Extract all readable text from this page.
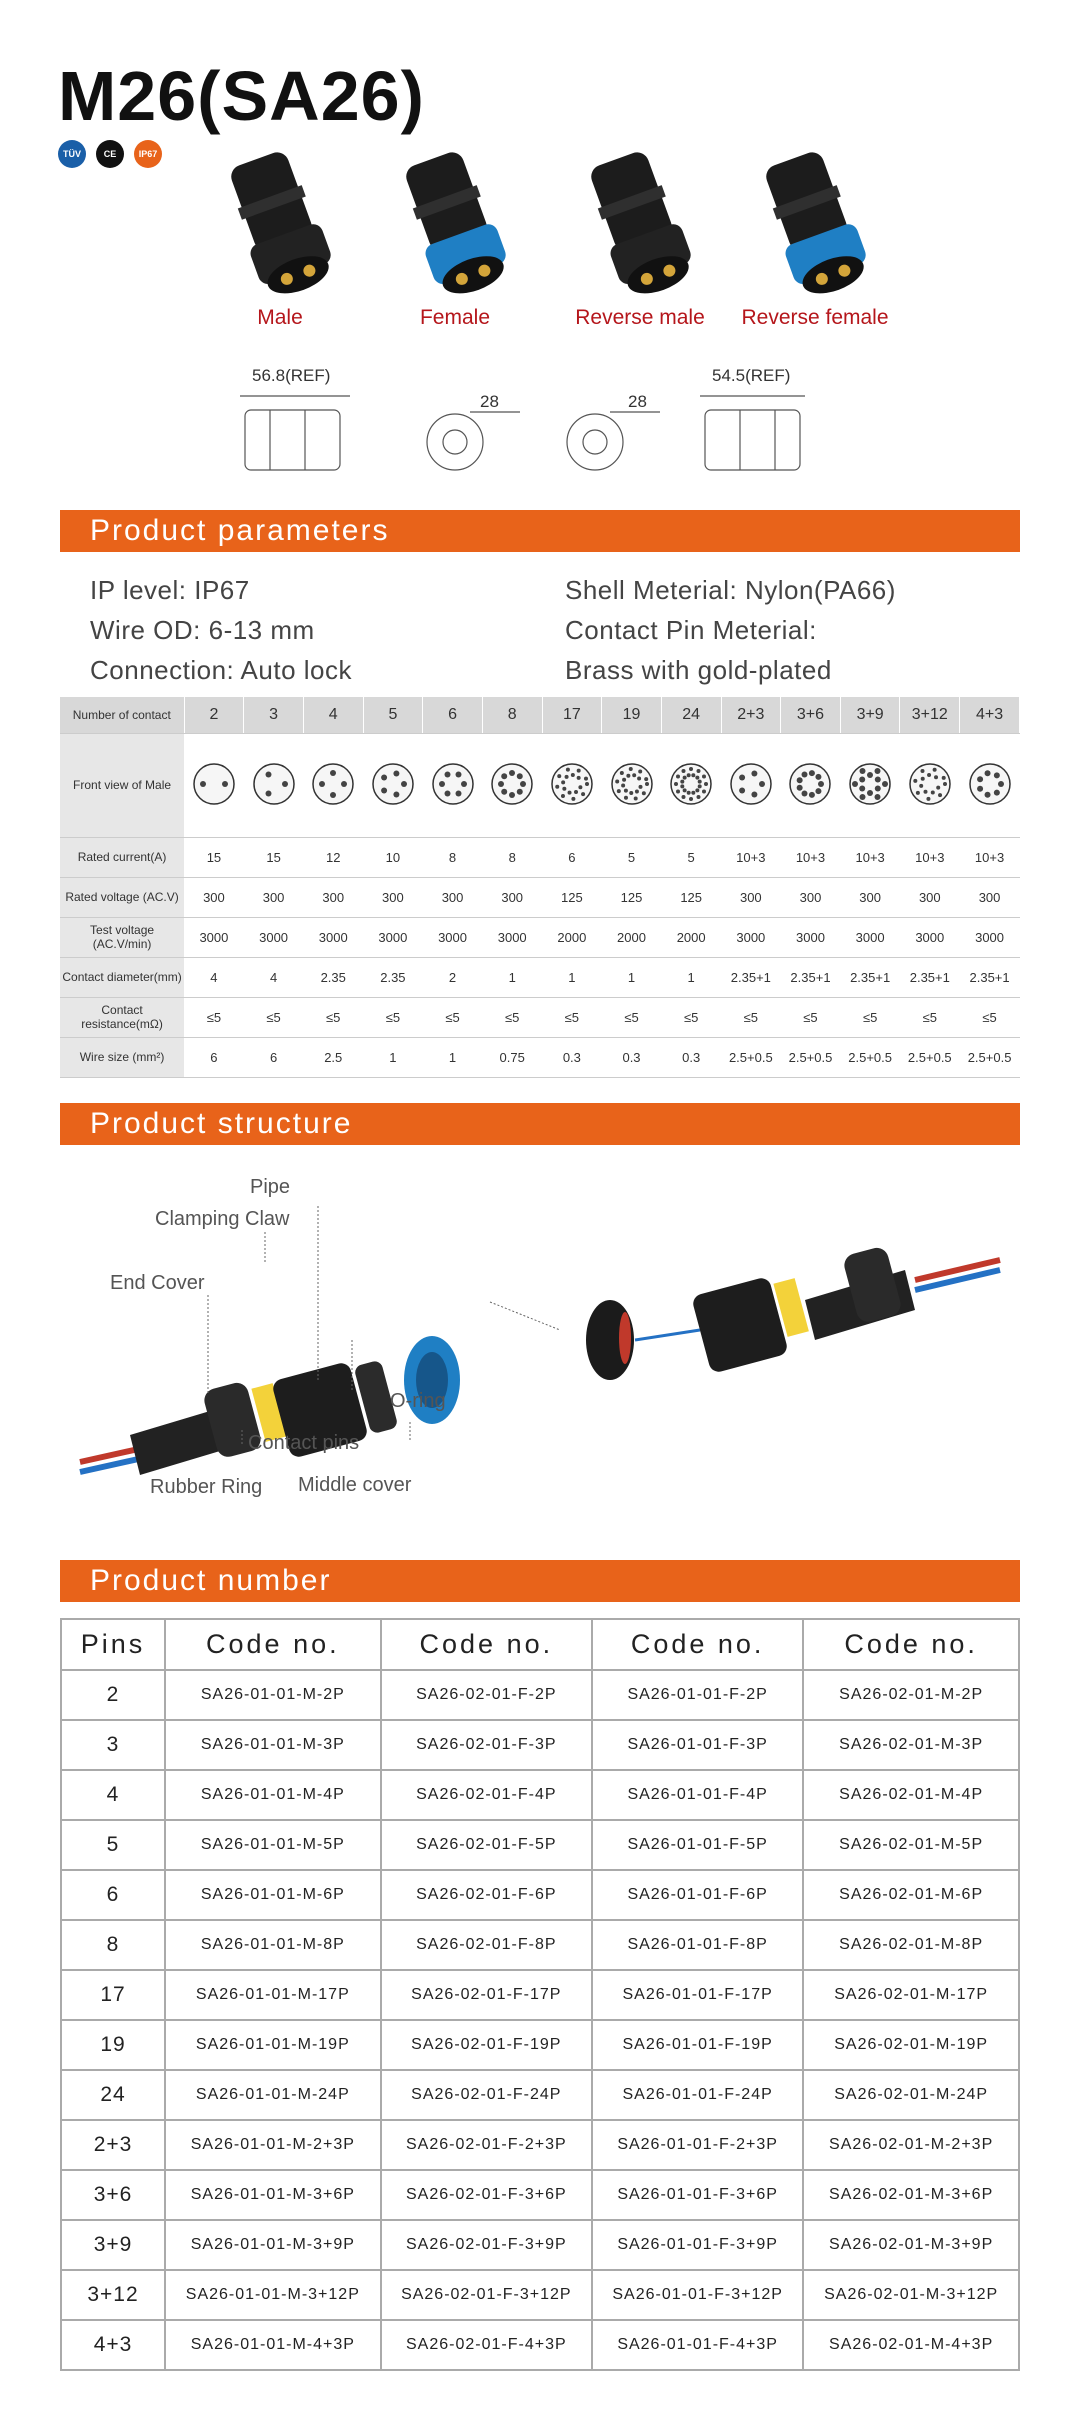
M26(SA26)
TÜV	CE	IP67
Male	Female	Reverse male	Reverse female
56.8(REF)
28	28
54.5(REF)
Product parameters
IP level: IP67
Wire OD: 6-13 mm
Connection: Auto lock
Shell Meterial: Nylon(PA66)
Contact Pin Meterial:
Brass with gold-plated
Number of contact	2	3	4	5	6	8	17	19	24	2+3	3+6	3+9	3+12	4+3
Front view of Male														
Rated current(A)	15	15	12	10	8	8	6	5	5	10+3	10+3	10+3	10+3	10+3
Rated voltage (AC.V)	300	300	300	300	300	300	125	125	125	300	300	300	300	300
Test voltage (AC.V/min)	3000	3000	3000	3000	3000	3000	2000	2000	2000	3000	3000	3000	3000	3000
Contact diameter(mm)	4	4	2.35	2.35	2	1	1	1	1	2.35+1	2.35+1	2.35+1	2.35+1	2.35+1
Contact resistance(mΩ)	≤5	≤5	≤5	≤5	≤5	≤5	≤5	≤5	≤5	≤5	≤5	≤5	≤5	≤5
Wire size (mm²)	6	6	2.5	1	1	0.75	0.3	0.3	0.3	2.5+0.5	2.5+0.5	2.5+0.5	2.5+0.5	2.5+0.5
Product structure
Pipe
Clamping Claw
End Cover
Contact pins
Rubber Ring Middle cover
O-ring
Product number
Pins	Code no.	Code no.	Code no.	Code no.
2	SA26-01-01-M-2P	SA26-02-01-F-2P	SA26-01-01-F-2P	SA26-02-01-M-2P
3	SA26-01-01-M-3P	SA26-02-01-F-3P	SA26-01-01-F-3P	SA26-02-01-M-3P
4	SA26-01-01-M-4P	SA26-02-01-F-4P	SA26-01-01-F-4P	SA26-02-01-M-4P
5	SA26-01-01-M-5P	SA26-02-01-F-5P	SA26-01-01-F-5P	SA26-02-01-M-5P
6	SA26-01-01-M-6P	SA26-02-01-F-6P	SA26-01-01-F-6P	SA26-02-01-M-6P
8	SA26-01-01-M-8P	SA26-02-01-F-8P	SA26-01-01-F-8P	SA26-02-01-M-8P
17	SA26-01-01-M-17P	SA26-02-01-F-17P	SA26-01-01-F-17P	SA26-02-01-M-17P
19	SA26-01-01-M-19P	SA26-02-01-F-19P	SA26-01-01-F-19P	SA26-02-01-M-19P
24	SA26-01-01-M-24P	SA26-02-01-F-24P	SA26-01-01-F-24P	SA26-02-01-M-24P
2+3	SA26-01-01-M-2+3P	SA26-02-01-F-2+3P	SA26-01-01-F-2+3P	SA26-02-01-M-2+3P
3+6	SA26-01-01-M-3+6P	SA26-02-01-F-3+6P	SA26-01-01-F-3+6P	SA26-02-01-M-3+6P
3+9	SA26-01-01-M-3+9P	SA26-02-01-F-3+9P	SA26-01-01-F-3+9P	SA26-02-01-M-3+9P
3+12	SA26-01-01-M-3+12P	SA26-02-01-F-3+12P	SA26-01-01-F-3+12P	SA26-02-01-M-3+12P
4+3	SA26-01-01-M-4+3P	SA26-02-01-F-4+3P	SA26-01-01-F-4+3P	SA26-02-01-M-4+3P
